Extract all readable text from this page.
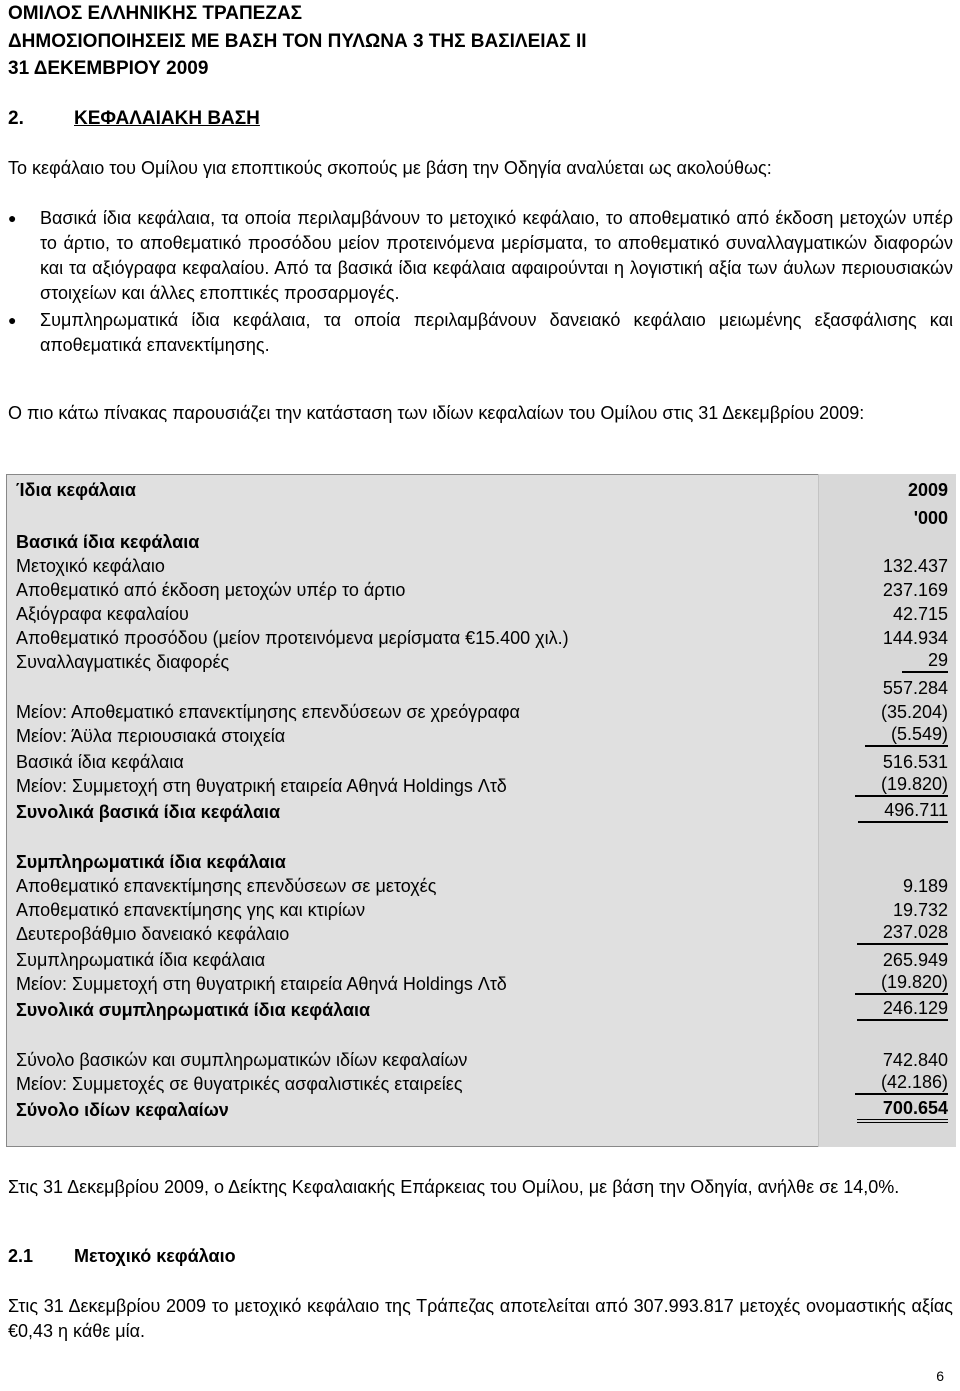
ΟΜΙΛΟΣ ΕΛΛΗΝΙΚΗΣ ΤΡΑΠΕΖΑΣ
ΔΗΜΟΣΙΟΠΟΙΗΣΕΙΣ ΜΕ ΒΑΣΗ ΤΟΝ ΠΥΛΩΝΑ 3 ΤΗΣ ΒΑΣΙΛΕΙΑΣ ΙΙ
31 ΔΕΚΕΜΒΡΙΟΥ 2009
2.	ΚΕΦΑΛΑΙΑΚΗ ΒΑΣΗ
Το κεφάλαιο του Ομίλου για εποπτικούς σκοπούς με βάση την Οδηγία αναλύεται ως ακολούθως:
● Βασικά ίδια κεφάλαια, τα οποία περιλαμβάνουν το μετοχικό κεφάλαιο, το αποθεματικό από έκδοση μετοχών υπέρ το άρτιο, το αποθεματικό προσόδου μείον προτεινόμενα μερίσματα, το αποθεματικό συναλλαγματικών διαφορών και τα αξιόγραφα κεφαλαίου. Από τα βασικά ίδια κεφάλαια αφαιρούνται η λογιστική αξία των άυλων περιουσιακών στοιχείων και άλλες εποπτικές προσαρμογές.
● Συμπληρωματικά ίδια κεφάλαια, τα οποία περιλαμβάνουν δανειακό κεφάλαιο μειωμένης εξασφάλισης και αποθεματικά επανεκτίμησης.
Ο πιο κάτω πίνακας παρουσιάζει την κατάσταση των ιδίων κεφαλαίων του Ομίλου στις 31 Δεκεμβρίου 2009:
Ίδια κεφάλαια	2009
'000
Βασικά ίδια κεφάλαια
Μετοχικό κεφάλαιο	132.437
Αποθεματικό από έκδοση μετοχών υπέρ το άρτιο	237.169
Αξιόγραφα κεφαλαίου	42.715
Αποθεματικό προσόδου (μείον προτεινόμενα μερίσματα €15.400 χιλ.)	144.934
Συναλλαγματικές διαφορές	29
557.284
Μείον: Αποθεματικό επανεκτίμησης επενδύσεων σε χρεόγραφα	(35.204)
Μείον: Άϋλα περιουσιακά στοιχεία	(5.549)
Βασικά ίδια κεφάλαια	516.531
Μείον: Συμμετοχή στη θυγατρική εταιρεία Αθηνά Holdings Λτδ	(19.820)
Συνολικά βασικά ίδια κεφάλαια	496.711
Συμπληρωματικά ίδια κεφάλαια
Αποθεματικό επανεκτίμησης επενδύσεων σε μετοχές	9.189
Αποθεματικό επανεκτίμησης γης και κτιρίων	19.732
Δευτεροβάθμιο δανειακό κεφάλαιο	237.028
Συμπληρωματικά ίδια κεφάλαια	265.949
Μείον: Συμμετοχή στη θυγατρική εταιρεία Αθηνά Holdings Λτδ	(19.820)
Συνολικά συμπληρωματικά ίδια κεφάλαια	246.129
Σύνολο βασικών και συμπληρωματικών ιδίων κεφαλαίων	742.840
Μείον: Συμμετοχές σε θυγατρικές ασφαλιστικές εταιρείες	(42.186)
Σύνολο ιδίων κεφαλαίων	700.654
Στις 31 Δεκεμβρίου 2009, ο Δείκτης Κεφαλαιακής Επάρκειας του Ομίλου, με βάση την Οδηγία, ανήλθε σε 14,0%.
2.1 Μετοχικό κεφάλαιο
Στις 31 Δεκεμβρίου 2009 το μετοχικό κεφάλαιο της Τράπεζας αποτελείται από 307.993.817 μετοχές ονομαστικής αξίας €0,43 η κάθε μία.
6
